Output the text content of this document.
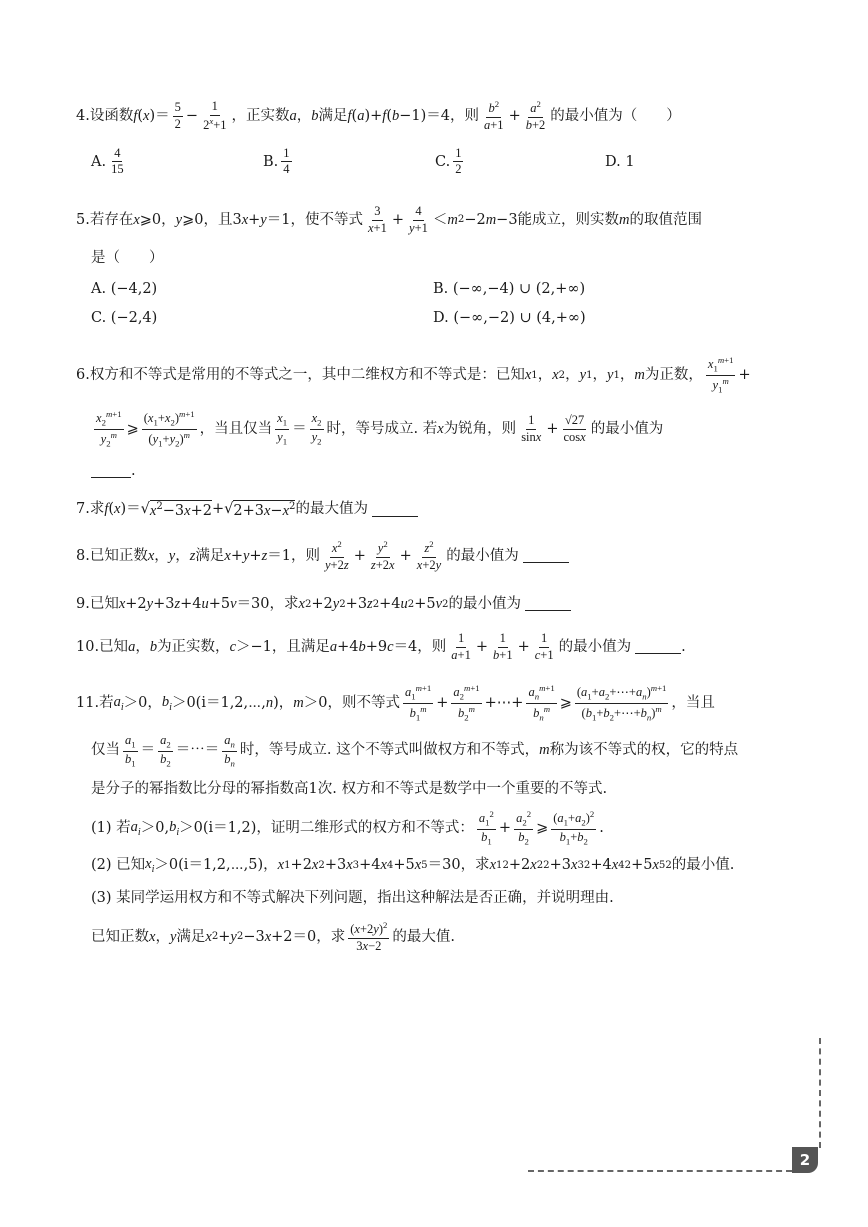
4. 设函数 f ( x )＝ $\frac{5}{2} - \frac{1}{2^x+1}$ ，正实数 a ， b 满足 f ( a )+ f ( b −1)＝4 ，则 $\frac{b^2}{a+1} + \frac{a^2}{b+2}$ 的最小值为（　　）
A. $\frac{4}{15}$	B. $\frac{1}{4}$	C. $\frac{1}{2}$	D. 1
5. 若存在 x ⩾0， y ⩾0 ，且 3 x + y ＝1 ，使不等式 $\frac{3}{x+1} + \frac{4}{y+1} < m$ 2 −2 m −3 能成立，则实数 m 的取值范围
是（　　）
A. (−4,2)	B. (−∞,−4) ∪ (2,+∞)
C. (−2,4)	D. (−∞,−2) ∪ (4,+∞)
6. 权方和不等式是常用的不等式之一，其中二维权方和不等式是：已知 x 1 ， x 2 ， y 1 ， y 1 ， m 为正数， $\frac{x_1^{m+1}}{y_1^m}$ +
$\frac{x_2^{m+1}}{y_2^m}$ ⩾ $\frac{(x_1+x_2)^{m+1}}{(y_1+y_2)^m}$ ，当且仅当 $\frac{x_1}{y_1} = \frac{x_2}{y_2}$ 时，等号成立. 若 x 为锐角，则 $\frac{1}{\sin x} + \frac{√27}{\cos x}$ 的最小值为
.
7. 求 f ( x )＝√ $x^2-3x+2$ +√ $2+3x-x^2$ 的最大值为
8. 已知正数 x ， y ， z 满足 x + y + z ＝1 ，则 $\frac{x^2}{y+2z} + \frac{y^2}{z+2x} + \frac{z^2}{x+2y}$ 的最小值为
9. 已知 x +2 y +3 z +4 u +5 v ＝30 ，求 x 2 +2 y 2 +3 z 2 +4 u 2 +5 v 2 的最小值为
10. 已知 a ， b 为正实数， c ＞−1 ，且满足 a +4 b +9 c ＝4 ，则 $\frac{1}{a+1} + \frac{1}{b+1} + \frac{1}{c+1}$ 的最小值为	.
11. 若 $a_i >0$， $b_i$ ＞0(i＝1,2,⋯, n )， m ＞0 ，则不等式 $\frac{a_1^{m+1}}{b_1^m} + \frac{a_2^{m+1}}{b_2^m}$ +⋯+ $\frac{a_n^{m+1}}{b_n^m}$ ⩾ $\frac{(a_1+a_2+\cdots+a_n)^{m+1}}{(b_1+b_2+\cdots+b_n)^m}$ ，当且
仅当 $\frac{a_1}{b_1} = \frac{a_2}{b_2}$ ＝⋯＝ $\frac{a_n}{b_n}$ 时，等号成立. 这个不等式叫做权方和不等式， m 称为该不等式的权，它的特点
是分子的幂指数比分母的幂指数高1次. 权方和不等式是数学中一个重要的不等式.
(1) 若 $a_i >0$, $b_i >0(i=1,2)$ ，证明二维形式的权方和不等式： $\frac{a_1^2}{b_1} + \frac{a_2^2}{b_2}$ ⩾ $\frac{(a_1+a_2)^2}{b_1+b_2}$ .
(2) 已知 $x_i$ ＞0(i＝1,2,⋯,5)， x 1 +2 x 2 +3 x 3 +4 x 4 +5 x 5 ＝30 ，求 x 1 2 +2 x 2 2 +3 x 3 2 +4 x 4 2 +5 x 5 2 的最小值.
(3) 某同学运用权方和不等式解决下列问题，指出这种解法是否正确，并说明理由.
已知正数 x ， y 满足 x 2 + y 2 −3 x +2＝0 ，求 $\frac{(x+2y)^2}{3x-2}$ 的最大值.
2
